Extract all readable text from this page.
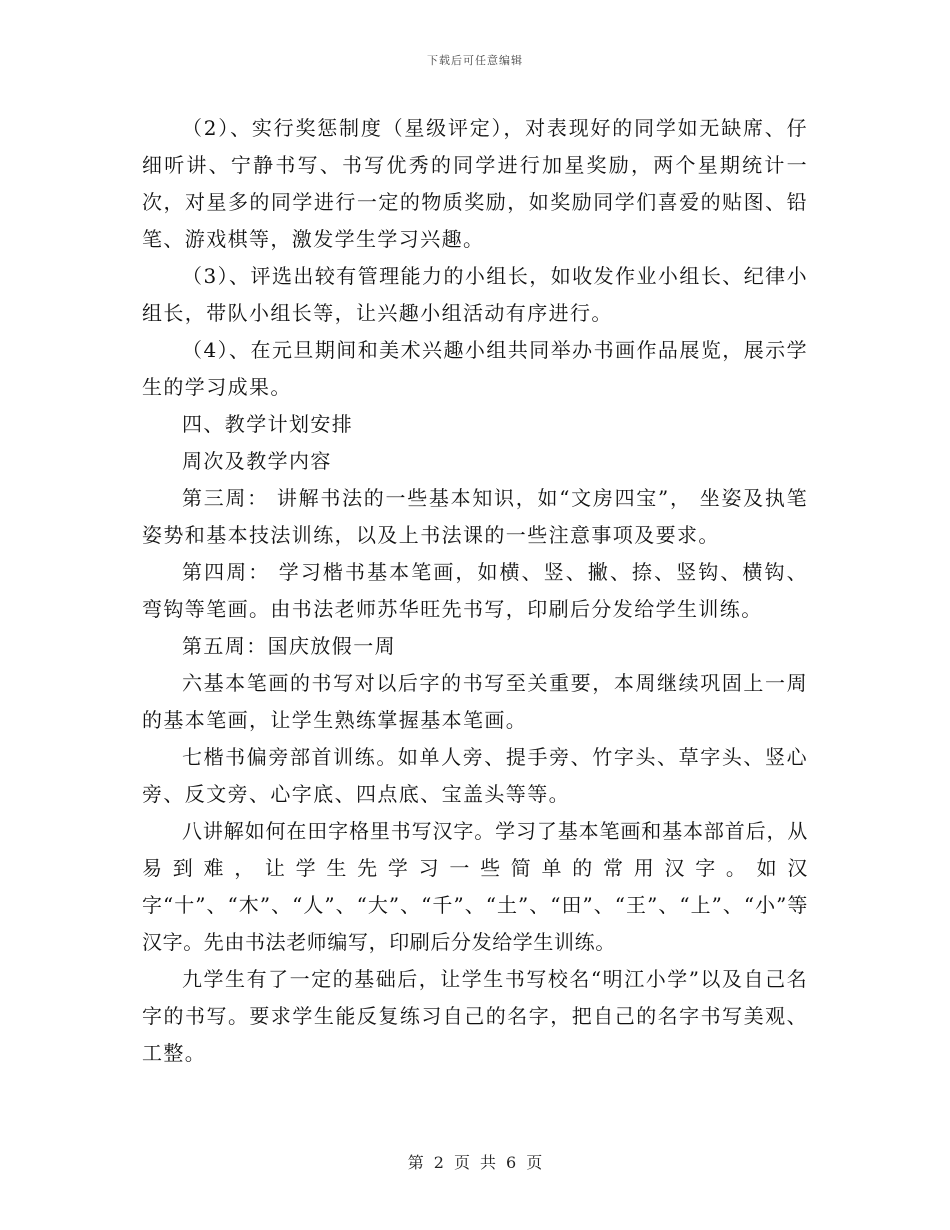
下载后可任意编辑

（2）、实行奖惩制度（星级评定），对表现好的同学如无缺席、仔细听讲、宁静书写、书写优秀的同学进行加星奖励，两个星期统计一次，对星多的同学进行一定的物质奖励，如奖励同学们喜爱的贴图、铅笔、游戏棋等，激发学生学习兴趣。

（3）、评选出较有管理能力的小组长，如收发作业小组长、纪律小组长，带队小组长等，让兴趣小组活动有序进行。

（4）、在元旦期间和美术兴趣小组共同举办书画作品展览，展示学生的学习成果。

四、教学计划安排

周次及教学内容

第三周： 讲解书法的一些基本知识，如“文房四宝”， 坐姿及执笔姿势和基本技法训练，以及上书法课的一些注意事项及要求。

第四周： 学习楷书基本笔画，如横、竖、撇、捺、竖钩、横钩、弯钩等笔画。由书法老师苏华旺先书写，印刷后分发给学生训练。

第五周：国庆放假一周

六基本笔画的书写对以后字的书写至关重要，本周继续巩固上一周的基本笔画，让学生熟练掌握基本笔画。

七楷书偏旁部首训练。如单人旁、提手旁、竹字头、草字头、竖心旁、反文旁、心字底、四点底、宝盖头等等。

八讲解如何在田字格里书写汉字。学习了基本笔画和基本部首后，从易到难，让学生先学习一些简单的常用汉字。如汉字“十”、“木”、“人”、“大”、“千”、“土”、“田”、“王”、“上”、“小”等汉字。先由书法老师编写，印刷后分发给学生训练。

九学生有了一定的基础后，让学生书写校名“明江小学”以及自己名字的书写。要求学生能反复练习自己的名字，把自己的名字书写美观、工整。

第 2 页 共 6 页
